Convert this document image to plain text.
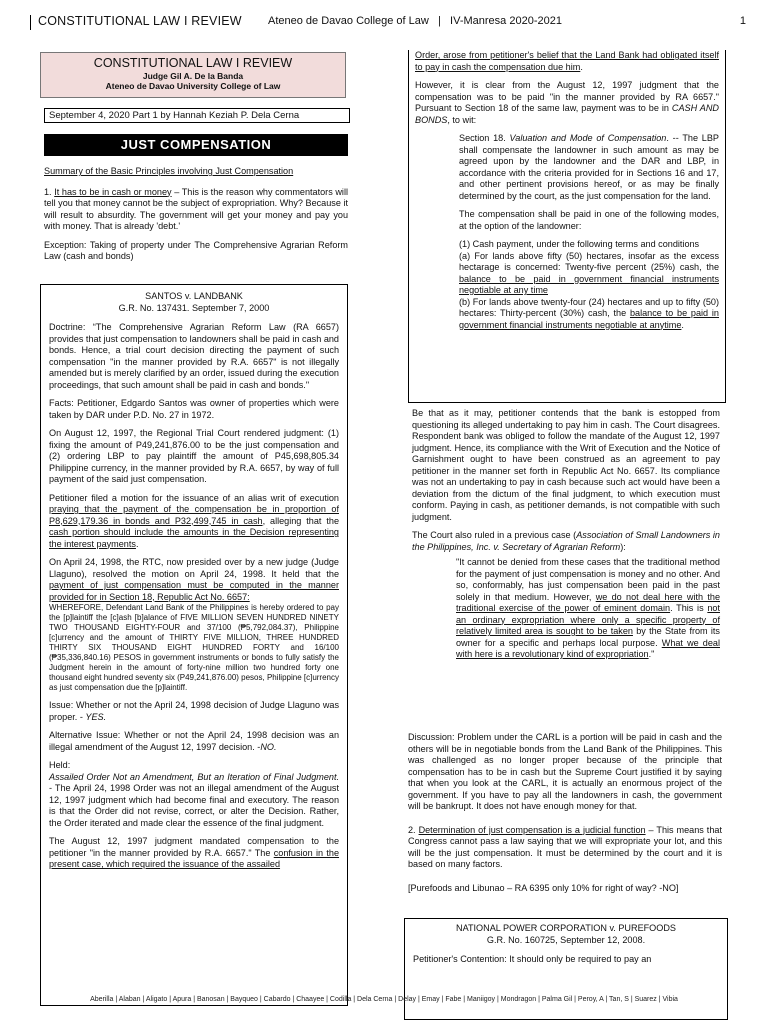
CONSTITUTIONAL LAW I REVIEW Ateneo de Davao College of Law | IV-Manresa 2020-2021	1
CONSTITUTIONAL LAW I REVIEW
Judge Gil A. De la Banda
Ateneo de Davao University College of Law
September 4, 2020 Part 1 by Hannah Keziah P. Dela Cerna
JUST COMPENSATION

Summary of the Basic Principles involving Just Compensation

1. It has to be in cash or money – This is the reason why commentators will tell you that money cannot be the subject of expropriation. Why? Because it will result to absurdity. The government will get your money and pay you with money. That is already 'debt.'

Exception: Taking of property under The Comprehensive Agrarian Reform Law (cash and bonds)

SANTOS v. LANDBANK
G.R. No. 137431. September 7, 2000

Doctrine: “The Comprehensive Agrarian Reform Law (RA 6657) provides that just compensation to landowners shall be paid in cash and bonds. Hence, a trial court decision directing the payment of such compensation "in the manner provided by R.A. 6657" is not illegally amended but is merely clarified by an order, issued during the execution proceedings, that such amount shall be paid in cash and bonds."

Facts: Petitioner, Edgardo Santos was owner of properties which were taken by DAR under P.D. No. 27 in 1972.

On August 12, 1997, the Regional Trial Court rendered judgment: (1) fixing the amount of P49,241,876.00 to be the just compensation and (2) ordering LBP to pay plaintiff the amount of P45,698,805.34 Philippine currency, in the manner provided by R.A. 6657, by way of full payment of the said just compensation.

Petitioner filed a motion for the issuance of an alias writ of execution praying that the payment of the compensation be in proportion of P8,629,179.36 in bonds and P32,499,745 in cash, alleging that the cash portion should include the amounts in the Decision representing the interest payments.

On April 24, 1998, the RTC, now presided over by a new judge (Judge Llaguno), resolved the motion on April 24, 1998. It held that the payment of just compensation must be computed in the manner provided for in Section 18, Republic Act No. 6657:

WHEREFORE, Defendant Land Bank of the Philippines is hereby ordered to pay the [p]laintiff the [c]ash [b]alance of FIVE MILLION SEVEN HUNDRED NINETY TWO THOUSAND EIGHTY-FOUR and 37/100 (₱5,792,084.37), Philippine [c]urrency and the amount of THIRTY FIVE MILLION, THREE HUNDRED THIRTY SIX THOUSAND EIGHT HUNDRED FORTY and 16/100 (₱35,336,840.16) PESOS in government instruments or bonds to fully satisfy the Judgment herein in the amount of forty-nine million two hundred forty one thousand eight hundred seventy six (P49,241,876.00) pesos, Philippine [c]urrency as just compensation due the [p]laintiff.

Issue: Whether or not the April 24, 1998 decision of Judge Llaguno was proper. - YES.

Alternative Issue: Whether or not the April 24, 1998 decision was an illegal amendment of the August 12, 1997 decision. -NO.

Held:
Assailed Order Not an Amendment, But an Iteration of Final Judgment. - The April 24, 1998 Order was not an illegal amendment of the August 12, 1997 judgment which had become final and executory. The reason is that the Order did not revise, correct, or alter the Decision. Rather, the Order iterated and made clear the essence of the final judgment.

The August 12, 1997 judgment mandated compensation to the petitioner "in the manner provided by R.A. 6657." The confusion in the present case, which required the issuance of the assailed

Order, arose from petitioner's belief that the Land Bank had obligated itself to pay in cash the compensation due him.

However, it is clear from the August 12, 1997 judgment that the compensation was to be paid "in the manner provided by RA 6657." Pursuant to Section 18 of the same law, payment was to be in CASH AND BONDS, to wit:

Section 18. Valuation and Mode of Compensation. -- The LBP shall compensate the landowner in such amount as may be agreed upon by the landowner and the DAR and LBP, in accordance with the criteria provided for in Sections 16 and 17, and other pertinent provisions hereof, or as may be finally determined by the court, as the just compensation for the land.

The compensation shall be paid in one of the following modes, at the option of the landowner:

(1) Cash payment, under the following terms and conditions
(a) For lands above fifty (50) hectares, insofar as the excess hectarage is concerned: Twenty-five percent (25%) cash, the balance to be paid in government financial instruments negotiable at any time
(b) For lands above twenty-four (24) hectares and up to fifty (50) hectares: Thirty-percent (30%) cash, the balance to be paid in government financial instruments negotiable at anytime.

Be that as it may, petitioner contends that the bank is estopped from questioning its alleged undertaking to pay him in cash. The Court disagrees. Respondent bank was obliged to follow the mandate of the August 12, 1997 judgment. Hence, its compliance with the Writ of Execution and the Notice of Garnishment ought to have been construed as an agreement to pay petitioner in the manner set forth in Republic Act No. 6657. Its compliance was not an undertaking to pay in cash because such act would have been a deviation from the dictum of the final judgment, to which execution must conform. Paying in cash, as petitioner demands, is not compatible with such judgment.

The Court also ruled in a previous case (Association of Small Landowners in the Philippines, Inc. v. Secretary of Agrarian Reform):

"It cannot be denied from these cases that the traditional method for the payment of just compensation is money and no other. And so, conformably, has just compensation been paid in the past solely in that medium. However, we do not deal here with the traditional exercise of the power of eminent domain. This is not an ordinary expropriation where only a specific property of relatively limited area is sought to be taken by the State from its owner for a specific and perhaps local purpose. What we deal with here is a revolutionary kind of expropriation."

Discussion: Problem under the CARL is a portion will be paid in cash and the others will be in negotiable bonds from the Land Bank of the Philippines. This was challenged as no longer proper because of the principle that compensation has to be in cash but the Supreme Court justified it by saying that when you look at the CARL, it is actually an enormous project of the government. If you have to pay all the landowners in cash, the government will be bankrupt. It does not have enough money for that.

2. Determination of just compensation is a judicial function – This means that Congress cannot pass a law saying that we will expropriate your lot, and this will be the just compensation. It must be determined by the court and it is based on many factors.

[Purefoods and Libunao – RA 6395 only 10% for right of way? -NO]

NATIONAL POWER CORPORATION v. PUREFOODS
G.R. No. 160725, September 12, 2008.

Petitioner's Contention: It should only be required to pay an

Aberilla | Alaban | Aligato | Apura | Banosan | Bayqueo | Cabardo | Chaayee | Codilla | Dela Cerna | Delay | Emay | Fabe | Maniigoy | Mondragon | Palma Gil | Peroy, A | Tan, S | Suarez | Vibia
